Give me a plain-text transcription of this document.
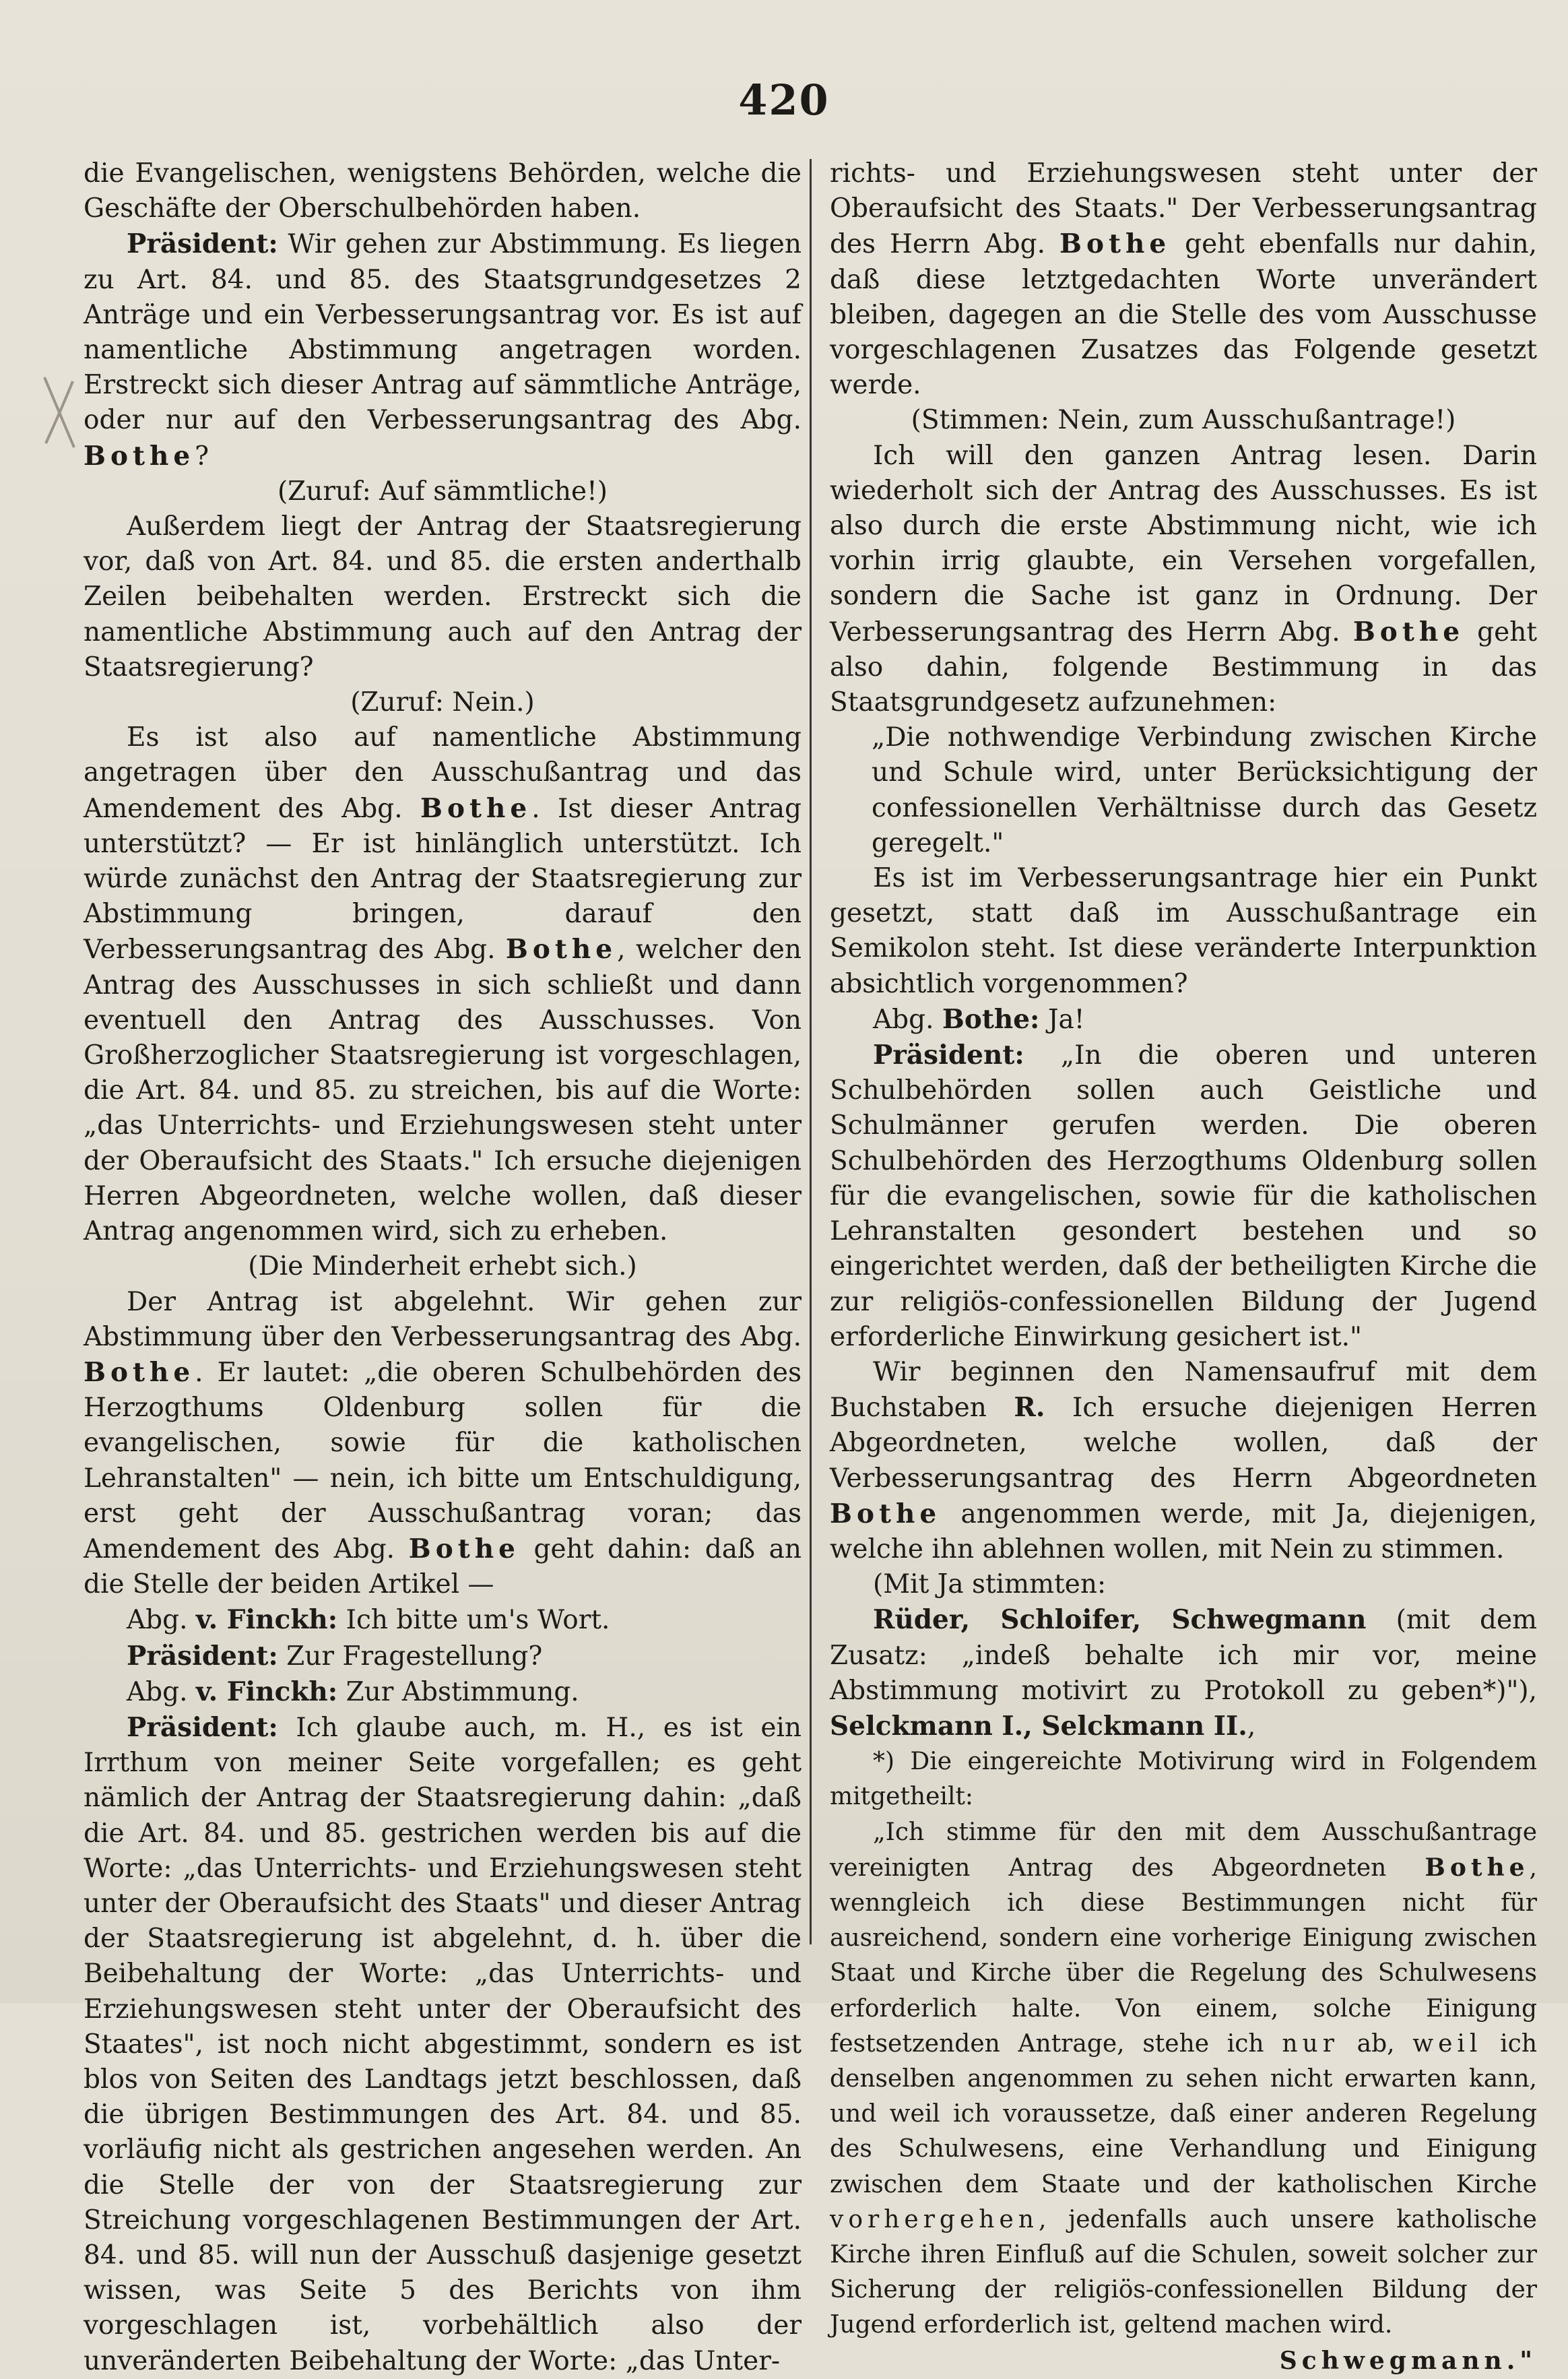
420

die Evangelischen, wenigstens Behörden, welche die Geschäfte der Oberschulbehörden haben.

Präsident: Wir gehen zur Abstimmung. Es liegen zu Art. 84. und 85. des Staatsgrundgesetzes 2 Anträge und ein Verbesserungsantrag vor. Es ist auf namentliche Abstimmung angetragen worden. Erstreckt sich dieser Antrag auf sämmtliche Anträge, oder nur auf den Verbesserungsantrag des Abg. Bothe?

(Zuruf: Auf sämmtliche!)

Außerdem liegt der Antrag der Staatsregierung vor, daß von Art. 84. und 85. die ersten anderthalb Zeilen beibehalten werden. Erstreckt sich die namentliche Abstimmung auch auf den Antrag der Staatsregierung?

(Zuruf: Nein.)

Es ist also auf namentliche Abstimmung angetragen über den Ausschußantrag und das Amendement des Abg. Bothe. Ist dieser Antrag unterstützt? — Er ist hinlänglich unterstützt. Ich würde zunächst den Antrag der Staatsregierung zur Abstimmung bringen, darauf den Verbesserungsantrag des Abg. Bothe, welcher den Antrag des Ausschusses in sich schließt und dann eventuell den Antrag des Ausschusses. Von Großherzoglicher Staatsregierung ist vorgeschlagen, die Art. 84. und 85. zu streichen, bis auf die Worte: „das Unterrichts- und Erziehungswesen steht unter der Oberaufsicht des Staats." Ich ersuche diejenigen Herren Abgeordneten, welche wollen, daß dieser Antrag angenommen wird, sich zu erheben.

(Die Minderheit erhebt sich.)

Der Antrag ist abgelehnt. Wir gehen zur Abstimmung über den Verbesserungsantrag des Abg. Bothe. Er lautet: „die oberen Schulbehörden des Herzogthums Oldenburg sollen für die evangelischen, sowie für die katholischen Lehranstalten" — nein, ich bitte um Entschuldigung, erst geht der Ausschußantrag voran; das Amendement des Abg. Bothe geht dahin: daß an die Stelle der beiden Artikel —

Abg. v. Finckh: Ich bitte um's Wort.

Präsident: Zur Fragestellung?

Abg. v. Finckh: Zur Abstimmung.

Präsident: Ich glaube auch, m. H., es ist ein Irrthum von meiner Seite vorgefallen; es geht nämlich der Antrag der Staatsregierung dahin: „daß die Art. 84. und 85. gestrichen werden bis auf die Worte: „das Unterrichts- und Erziehungswesen steht unter der Oberaufsicht des Staats" und dieser Antrag der Staatsregierung ist abgelehnt, d. h. über die Beibehaltung der Worte: „das Unterrichts- und Erziehungswesen steht unter der Oberaufsicht des Staates", ist noch nicht abgestimmt, sondern es ist blos von Seiten des Landtags jetzt beschlossen, daß die übrigen Bestimmungen des Art. 84. und 85. vorläufig nicht als gestrichen angesehen werden. An die Stelle der von der Staatsregierung zur Streichung vorgeschlagenen Bestimmungen der Art. 84. und 85. will nun der Ausschuß dasjenige gesetzt wissen, was Seite 5 des Berichts von ihm vorgeschlagen ist, vorbehältlich also der unveränderten Beibehaltung der Worte: „das Unter-

richts- und Erziehungswesen steht unter der Oberaufsicht des Staats." Der Verbesserungsantrag des Herrn Abg. Bothe geht ebenfalls nur dahin, daß diese letztgedachten Worte unverändert bleiben, dagegen an die Stelle des vom Ausschusse vorgeschlagenen Zusatzes das Folgende gesetzt werde.

(Stimmen: Nein, zum Ausschußantrage!)

Ich will den ganzen Antrag lesen. Darin wiederholt sich der Antrag des Ausschusses. Es ist also durch die erste Abstimmung nicht, wie ich vorhin irrig glaubte, ein Versehen vorgefallen, sondern die Sache ist ganz in Ordnung. Der Verbesserungsantrag des Herrn Abg. Bothe geht also dahin, folgende Bestimmung in das Staatsgrundgesetz aufzunehmen:

„Die nothwendige Verbindung zwischen Kirche und Schule wird, unter Berücksichtigung der confessionellen Verhältnisse durch das Gesetz geregelt."

Es ist im Verbesserungsantrage hier ein Punkt gesetzt, statt daß im Ausschußantrage ein Semikolon steht. Ist diese veränderte Interpunktion absichtlich vorgenommen?

Abg. Bothe: Ja!

Präsident: „In die oberen und unteren Schulbehörden sollen auch Geistliche und Schulmänner gerufen werden. Die oberen Schulbehörden des Herzogthums Oldenburg sollen für die evangelischen, sowie für die katholischen Lehranstalten gesondert bestehen und so eingerichtet werden, daß der betheiligten Kirche die zur religiös-confessionellen Bildung der Jugend erforderliche Einwirkung gesichert ist."

Wir beginnen den Namensaufruf mit dem Buchstaben R. Ich ersuche diejenigen Herren Abgeordneten, welche wollen, daß der Verbesserungsantrag des Herrn Abgeordneten Bothe angenommen werde, mit Ja, diejenigen, welche ihn ablehnen wollen, mit Nein zu stimmen.

(Mit Ja stimmten:

Rüder, Schloifer, Schwegmann (mit dem Zusatz: „indeß behalte ich mir vor, meine Abstimmung motivirt zu Protokoll zu geben*)"), Selckmann I., Selckmann II.,

*) Die eingereichte Motivirung wird in Folgendem mitgetheilt:

„Ich stimme für den mit dem Ausschußantrage vereinigten Antrag des Abgeordneten Bothe, wenngleich ich diese Bestimmungen nicht für ausreichend, sondern eine vorherige Einigung zwischen Staat und Kirche über die Regelung des Schulwesens erforderlich halte. Von einem, solche Einigung festsetzenden Antrage, stehe ich nur ab, weil ich denselben angenommen zu sehen nicht erwarten kann, und weil ich voraussetze, daß einer anderen Regelung des Schulwesens, eine Verhandlung und Einigung zwischen dem Staate und der katholischen Kirche vorhergehen, jedenfalls auch unsere katholische Kirche ihren Einfluß auf die Schulen, soweit solcher zur Sicherung der religiös-confessionellen Bildung der Jugend erforderlich ist, geltend machen wird.

Schwegmann."
